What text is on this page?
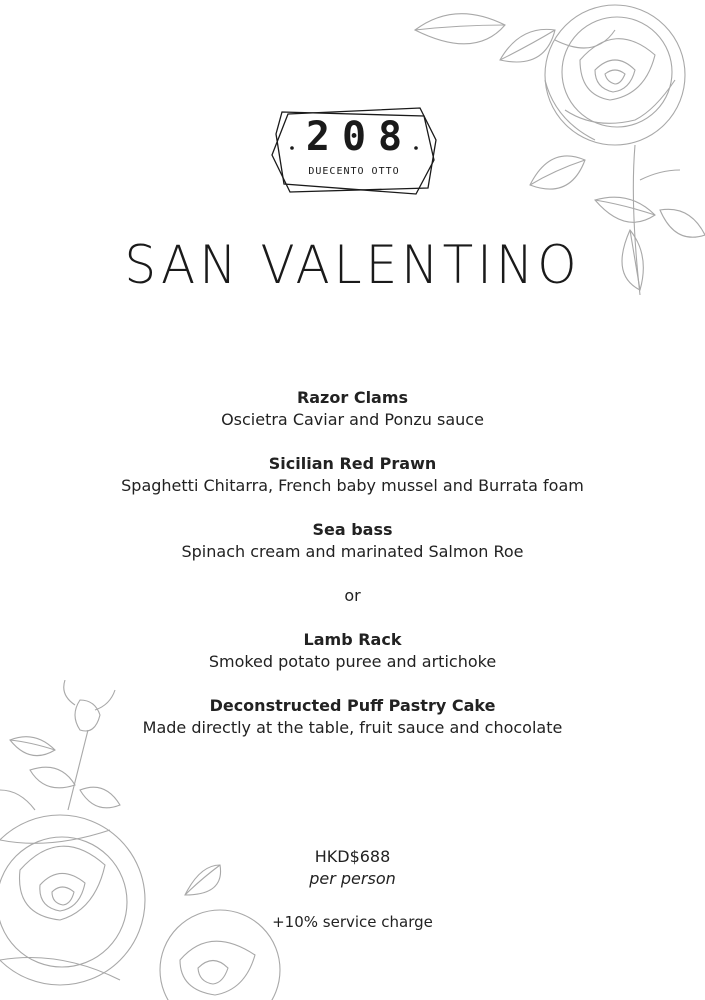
208
DUECENTO OTTO
SAN VALENTINO
Razor Clams
Oscietra Caviar and Ponzu sauce
Sicilian Red Prawn
Spaghetti Chitarra, French baby mussel and Burrata foam
Sea bass
Spinach cream and marinated Salmon Roe
or
Lamb Rack
Smoked potato puree and artichoke
Deconstructed Puff Pastry Cake
Made directly at the table, fruit sauce and chocolate
HKD$688
per person
+10% service charge
